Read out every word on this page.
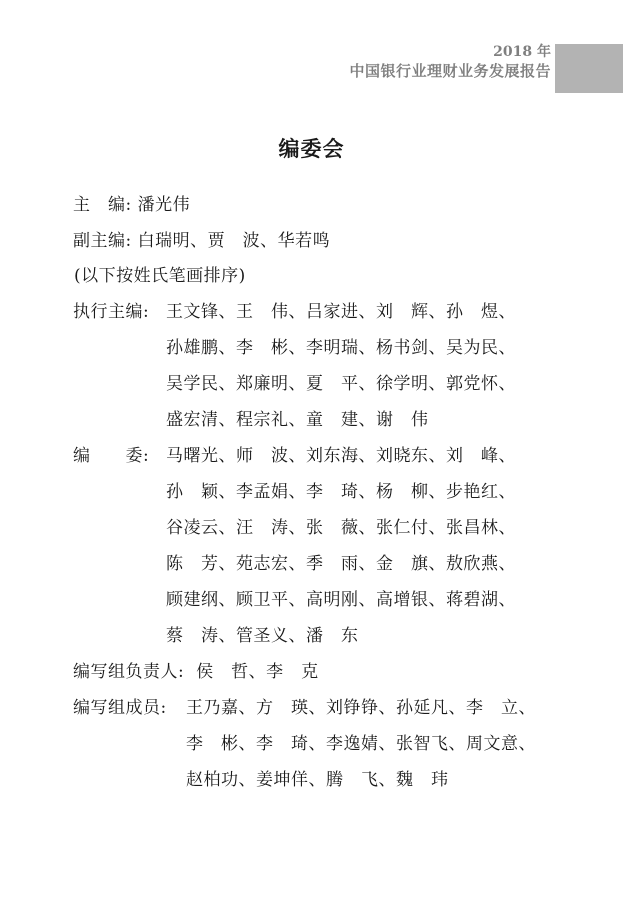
2018 年
中国银行业理财业务发展报告
编委会
主　编: 潘光伟
副主编: 白瑞明、贾　波、华若鸣
(以下按姓氏笔画排序)
执行主编: 王文锋、王　伟、吕家进、刘　辉、孙　煜、
孙雄鹏、李　彬、李明瑞、杨书剑、吴为民、
吴学民、郑廉明、夏　平、徐学明、郭党怀、
盛宏清、程宗礼、童　建、谢　伟
编　　委: 马曙光、师　波、刘东海、刘晓东、刘　峰、
孙　颖、李孟娟、李　琦、杨　柳、步艳红、
谷凌云、汪　涛、张　薇、张仁付、张昌林、
陈　芳、苑志宏、季　雨、金　旗、敖欣燕、
顾建纲、顾卫平、高明刚、高增银、蒋碧湖、
蔡　涛、管圣义、潘　东
编写组负责人: 侯　哲、李　克
编写组成员: 王乃嘉、方　瑛、刘铮铮、孙延凡、李　立、
李　彬、李　琦、李逸婧、张智飞、周文意、
赵柏功、姜坤佯、腾　飞、魏　玮
